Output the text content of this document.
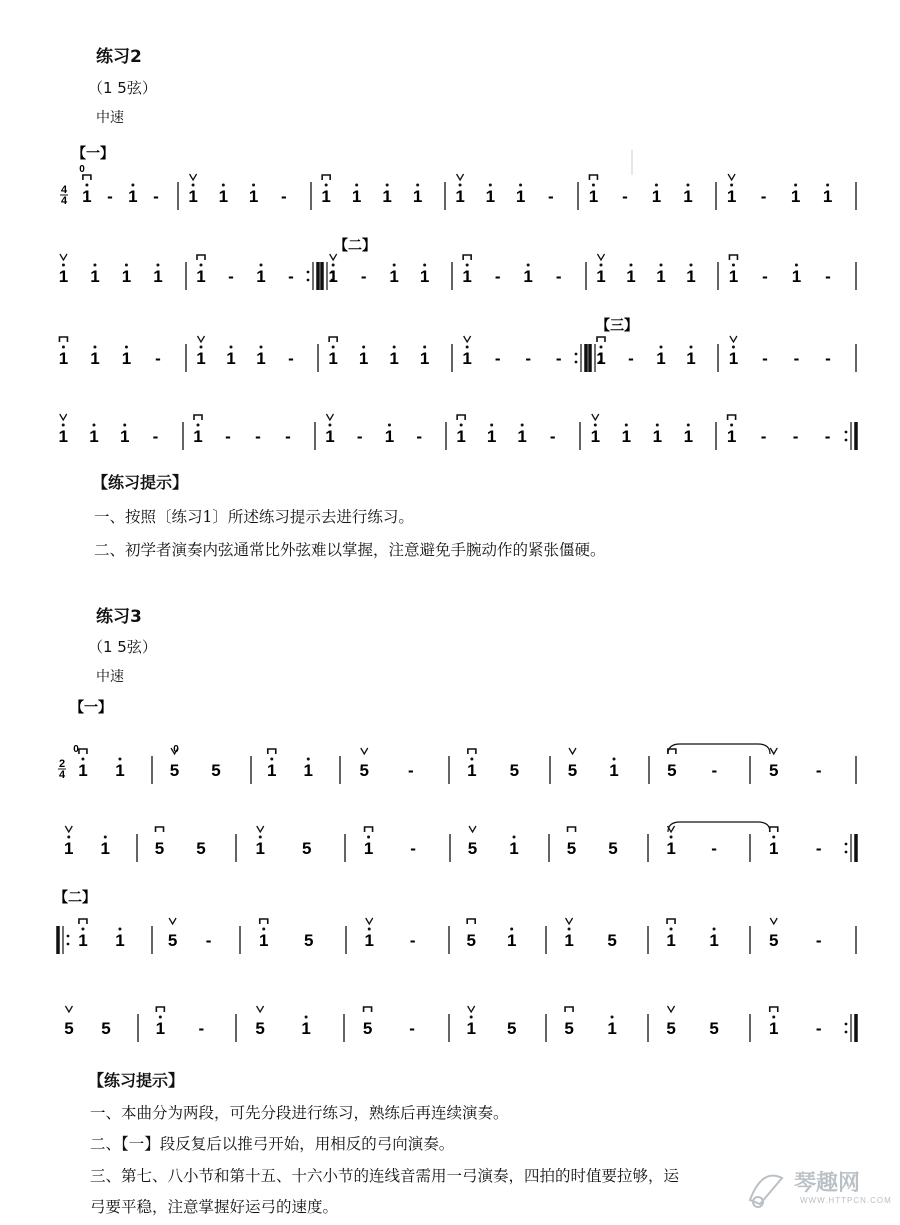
练习2
（1 5弦）
中速
【练习提示】
一、按照〔练习1〕所述练习提示去进行练习。
二、初学者演奏内弦通常比外弦难以掌握，注意避免手腕动作的紧张僵硬。
练习3
（1 5弦）
中速
【练习提示】
一、本曲分为两段，可先分段进行练习，熟练后再连续演奏。
二、【一】段反复后以推弓开始，用相反的弓向演奏。
三、第七、八小节和第十五、十六小节的连线音需用一弓演奏，四拍的时值要拉够，运
弓要平稳，注意掌握好运弓的速度。
琴趣网
WWW.HTTPCN.COM
4
4 1 - 1 - 1 1 1 - 1 1 1 1 1 1 1 - 1 - 1 1 1 - 1 1
1 1 1 1 1 - 1 - 1 - 1 1 1 - 1 - 1 1 1 1 1 - 1 -
1 1 1 - 1 1 1 - 1 1 1 1 1 - - - 1 - 1 1 1 - - -
1 1 1 - 1 - - - 1 - 1 - 1 1 1 - 1 1 1 1 1 - - -
0
【一】
【二】
【三】
2
4 1 1	5 5	1 1	5 -	1 5	5 1	5 -	5 -
1 1	5 5	1 5	1 -	5 1	5 5	1 -	1 -
1 1	5 -	1 5	1 -	5 1	1 5	1 1	5 -
5 5	1 -	5 1	5 -	1 5	5 1	5 5	1 -
0	0
【一】
【二】
